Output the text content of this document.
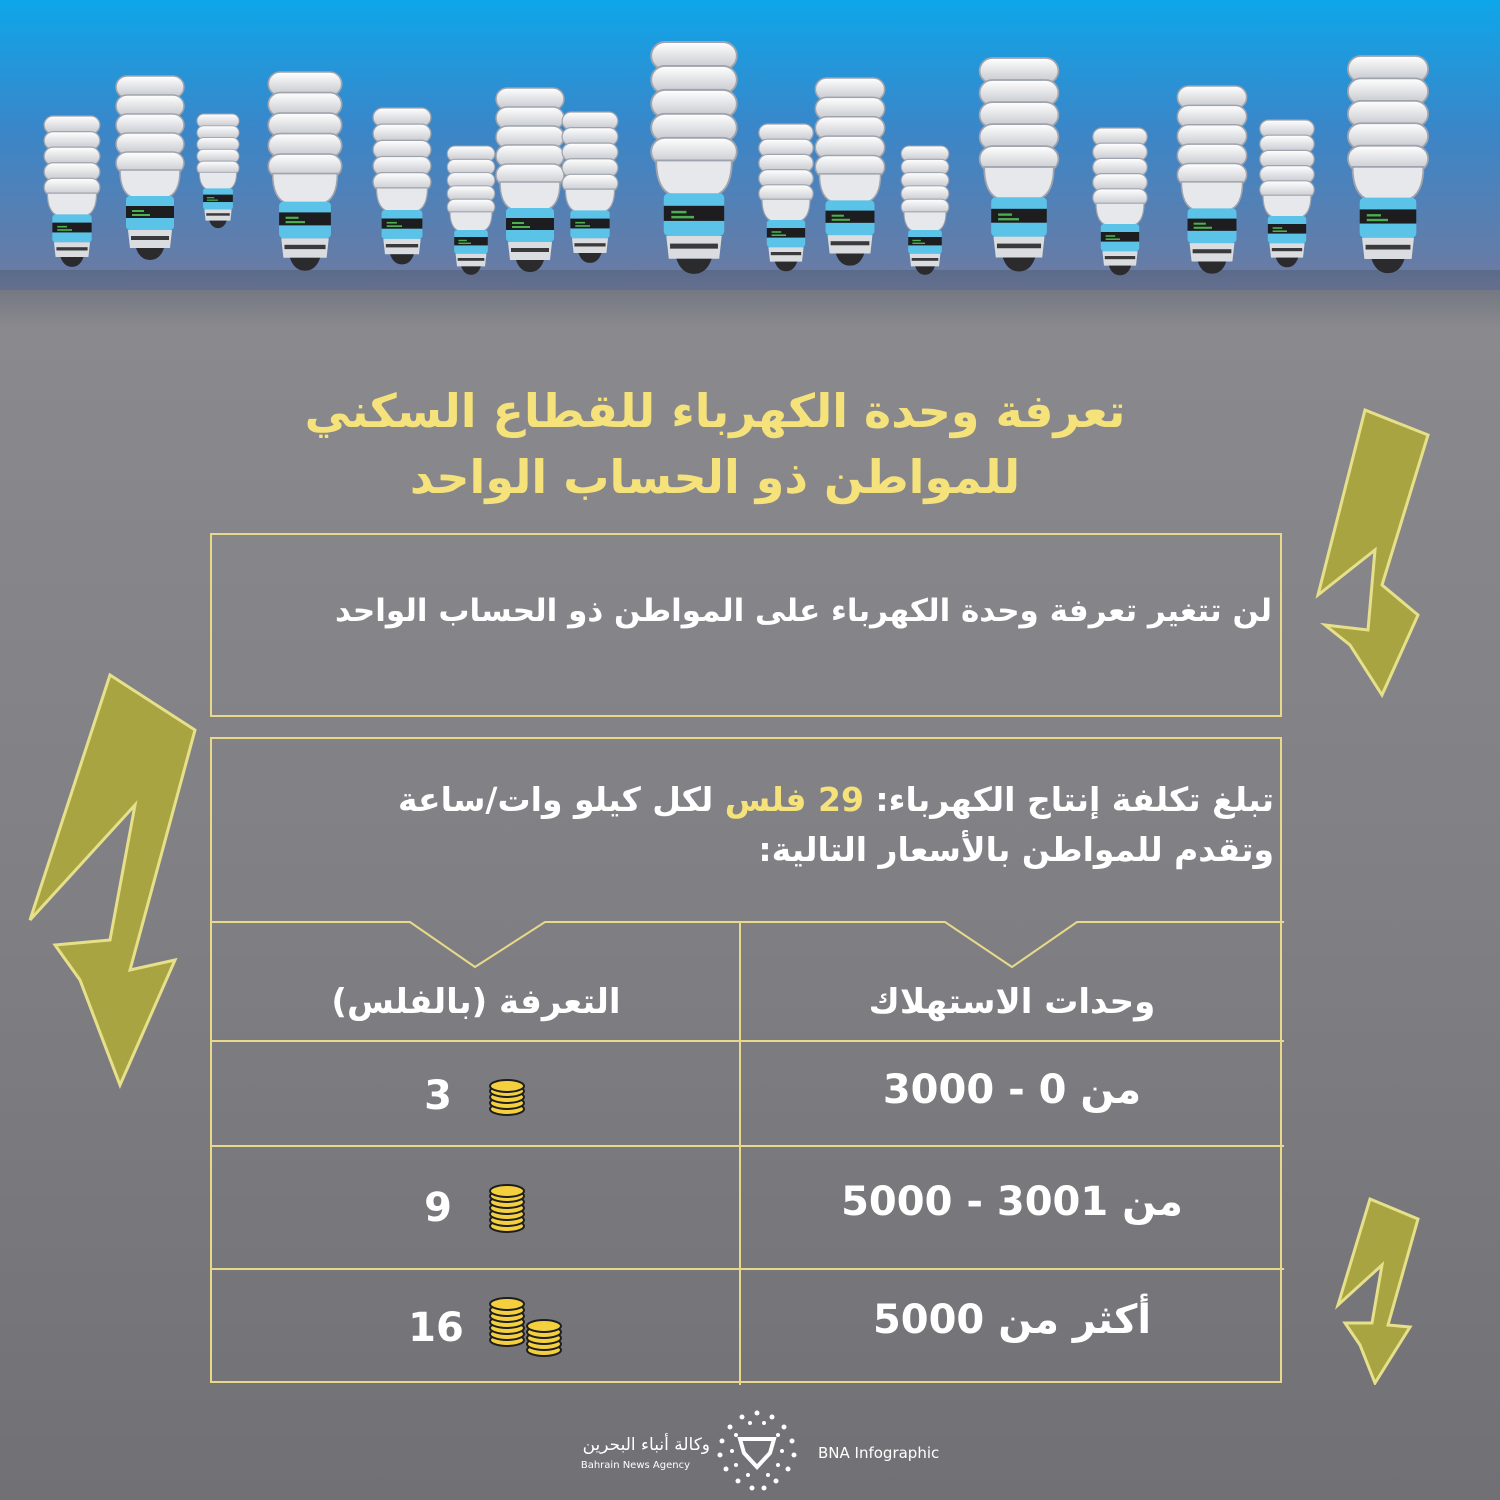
تعرفة وحدة الكهرباء للقطاع السكني
للمواطن ذو الحساب الواحد
لن تتغير تعرفة وحدة الكهرباء على المواطن ذو الحساب الواحد
تبلغ تكلفة إنتاج الكهرباء: 29 فلس لكل كيلو وات/ساعة
وتقدم للمواطن بالأسعار التالية:
وحدات الاستهلاك
التعرفة (بالفلس)
من 0 - 3000
3
من 3001 - 5000
9
أكثر من 5000
16
وكالة أنباء البحرين
Bahrain News Agency
BNA Infographic
